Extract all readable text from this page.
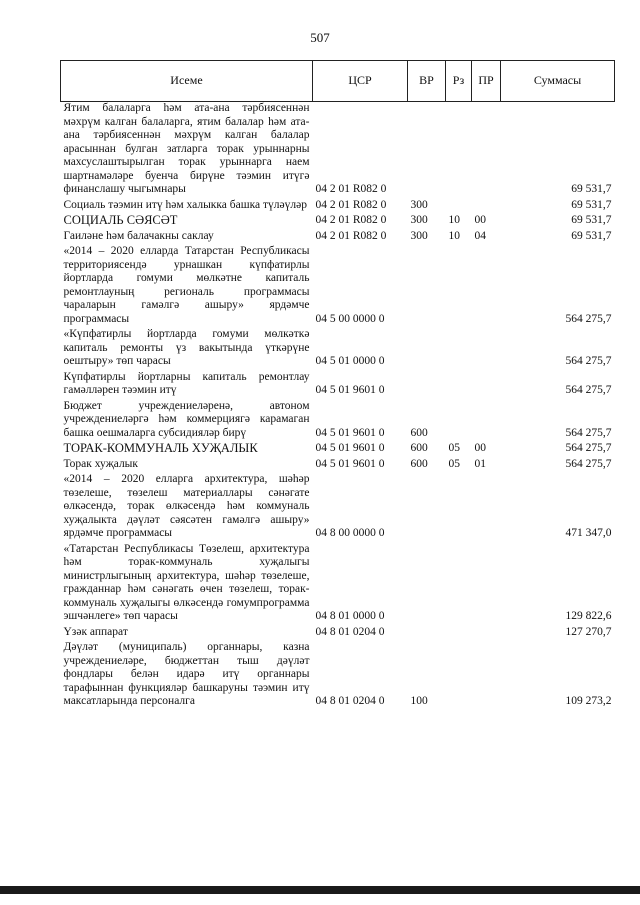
507
Исеме	ЦСР	ВР	Рз	ПР	Суммасы
Ятим балаларга һәм ата-ана тәрбиясеннән мәхрүм калган балаларга, ятим балалар һәм ата-ана тәрбиясеннән мәхрүм калган балалар арасыннан булган затларга торак урыннарны махсуслаштырылган торак урыннарга наем шартнамәләре буенча бирүне тәэмин итүгә финанслашу чыгымнары	04 2 01 R082 0				69 531,7
Социаль тәэмин итү һәм халыкка башка түләүләр	04 2 01 R082 0	300			69 531,7
СОЦИАЛЬ СӘЯСӘТ	04 2 01 R082 0	300	10	00	69 531,7
Гаиләне һәм балачакны саклау	04 2 01 R082 0	300	10	04	69 531,7
«2014 – 2020 елларда Татарстан Республикасы территориясендә урнашкан күпфатирлы йортларда гомуми мөлкәтне капиталь ремонтлауның региональ программасы чараларын гамәлгә ашыру» ярдәмче программасы	04 5 00 0000 0				564 275,7
«Күпфатирлы йортларда гомуми мөлкәткә капиталь ремонты үз вакытында үткәрүне оештыру» төп чарасы	04 5 01 0000 0				564 275,7
Күпфатирлы йортларны капиталь ремонтлау гамәлләрен тәэмин итү	04 5 01 9601 0				564 275,7
Бюджет учреждениеләренә, автоном учреждениеләргә һәм коммерциягә карамаган башка оешмаларга субсидияләр бирү	04 5 01 9601 0	600			564 275,7
ТОРАК-КОММУНАЛЬ ХУҖАЛЫК	04 5 01 9601 0	600	05	00	564 275,7
Торак хуҗалык	04 5 01 9601 0	600	05	01	564 275,7
«2014 – 2020 елларга архитектура, шәһәр төзелеше, төзелеш материаллары сәнәгате өлкәсендә, торак өлкәсендә һәм коммуналь хуҗалыкта дәүләт сәясәтен гамәлгә ашыру» ярдәмче программасы	04 8 00 0000 0				471 347,0
«Татарстан Республикасы Төзелеш, архитектура һәм торак-коммуналь хуҗалыгы министрлыгының архитектура, шәһәр төзелеше, гражданнар һәм сәнәгать өчен төзелеш, торак-коммуналь хуҗалыгы өлкәсендә гомумпрограмма эшчәнлеге» төп чарасы	04 8 01 0000 0				129 822,6
Үзәк аппарат	04 8 01 0204 0				127 270,7
Дәүләт (муниципаль) органнары, казна учреждениеләре, бюджеттан тыш дәүләт фондлары белән идарә итү органнары тарафыннан функцияләр башкаруны тәэмин итү максатларында персоналга	04 8 01 0204 0	100			109 273,2
